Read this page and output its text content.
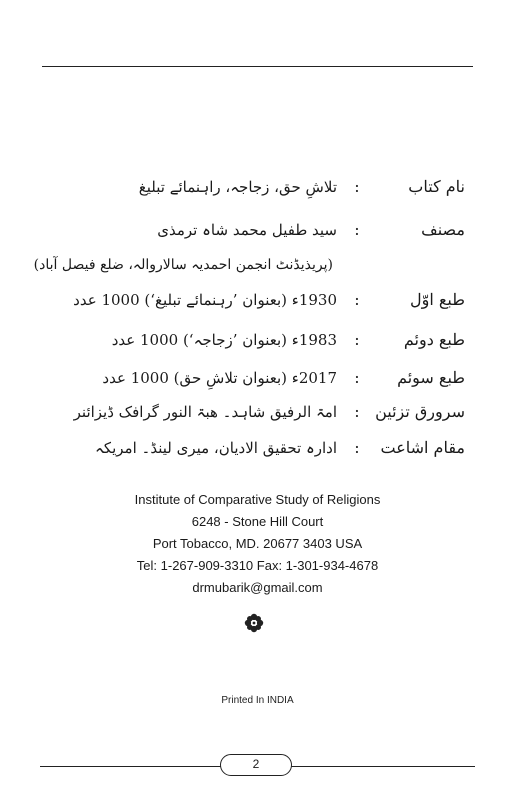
نام کتاب
:
تلاشِ حق، زجاجہ، راہنمائے تبلیغ
مصنف
:
سید طفیل محمد شاہ ترمذی
(پریذیڈنٹ انجمن احمدیہ سالاروالہ، ضلع فیصل آباد)
طبع اوّل
:
1930ء (بعنوان ’رہنمائے تبلیغ‘) 1000 عدد
طبع دوئم
:
1983ء (بعنوان ’زجاجہ‘) 1000 عدد
طبع سوئم
:
2017ء (بعنوان تلاشِ حق) 1000 عدد
سرورق تزئین
:
امۃ الرفیق شاہد۔ ھبۃ النور گرافک ڈیزائنر
مقام اشاعت
:
ادارہ تحقیق الادیان، میری لینڈ۔ امریکہ
Institute of Comparative Study of Religions
6248 - Stone Hill Court
Port Tobacco, MD. 20677 3403 USA
Tel: 1-267-909-3310 Fax: 1-301-934-4678
drmubarik@gmail.com
Printed In INDIA
2
